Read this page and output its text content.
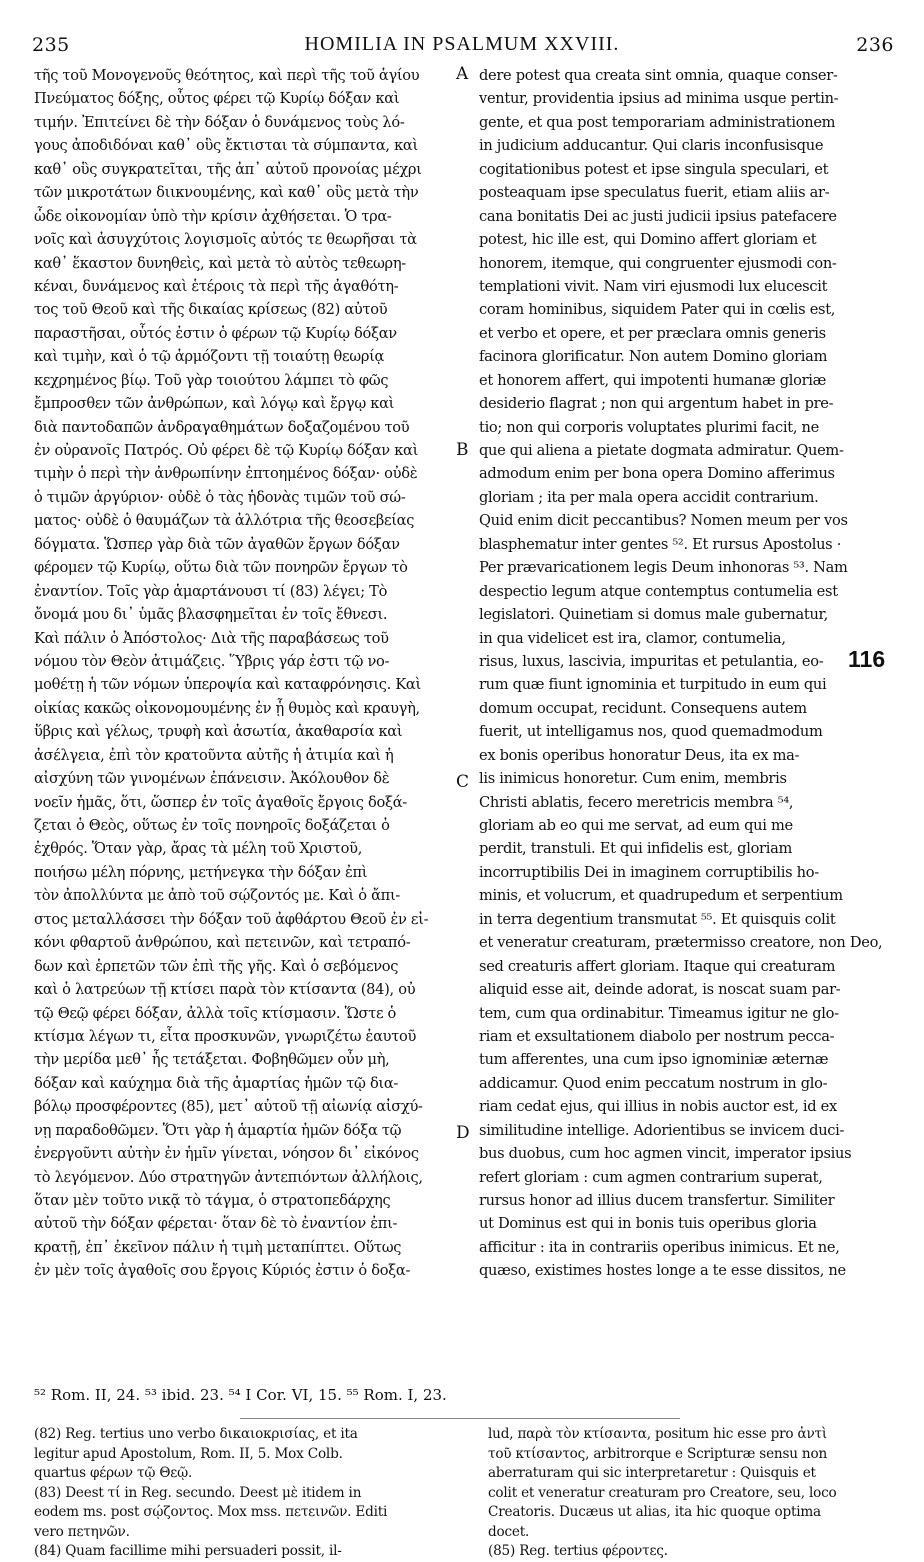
235	HOMILIA IN PSALMUM XXVIII.	236
τῆς τοῦ Μονογενοῦς θεότητος, καὶ περὶ τῆς τοῦ ἁγίου
Πνεύματος δόξης, οὗτος φέρει τῷ Κυρίῳ δόξαν καὶ
τιμήν. Ἐπιτείνει δὲ τὴν δόξαν ὁ δυνάμενος τοὺς λό-
γους ἀποδιδόναι καθ᾿ οὓς ἔκτισται τὰ σύμπαντα, καὶ
καθ᾿ οὓς συγκρατεῖται, τῆς ἀπ᾿ αὐτοῦ προνοίας μέχρι
τῶν μικροτάτων διικνουμένης, καὶ καθ᾿ οὓς μετὰ τὴν
ὧδε οἰκονομίαν ὑπὸ τὴν κρίσιν ἀχθήσεται. Ὁ τρα-
νοῖς καὶ ἀσυγχύτοις λογισμοῖς αὐτός τε θεωρῆσαι τὰ
καθ᾿ ἕκαστον δυνηθεὶς, καὶ μετὰ τὸ αὐτὸς τεθεωρη-
κέναι, δυνάμενος καὶ ἑτέροις τὰ περὶ τῆς ἀγαθότη-
τος τοῦ Θεοῦ καὶ τῆς δικαίας κρίσεως (82) αὐτοῦ
παραστῆσαι, οὗτός ἐστιν ὁ φέρων τῷ Κυρίῳ δόξαν
καὶ τιμὴν, καὶ ὁ τῷ ἁρμόζοντι τῇ τοιαύτῃ θεωρίᾳ
κεχρημένος βίῳ. Τοῦ γὰρ τοιούτου λάμπει τὸ φῶς
ἔμπροσθεν τῶν ἀνθρώπων, καὶ λόγῳ καὶ ἔργῳ καὶ
διὰ παντοδαπῶν ἀνδραγαθημάτων δοξαζομένου τοῦ
ἐν οὐρανοῖς Πατρός. Οὐ φέρει δὲ τῷ Κυρίῳ δόξαν καὶ
τιμὴν ὁ περὶ τὴν ἀνθρωπίνην ἐπτοημένος δόξαν· οὐδὲ
ὁ τιμῶν ἀργύριον· οὐδὲ ὁ τὰς ἡδονὰς τιμῶν τοῦ σώ-
ματος· οὐδὲ ὁ θαυμάζων τὰ ἀλλότρια τῆς θεοσεβείας
δόγματα. Ὥσπερ γὰρ διὰ τῶν ἀγαθῶν ἔργων δόξαν
φέρομεν τῷ Κυρίῳ, οὕτω διὰ τῶν πονηρῶν ἔργων τὸ
ἐναντίον. Τοῖς γὰρ ἁμαρτάνουσι τί (83) λέγει; Τὸ
ὄνομά μου δι᾿ ὑμᾶς βλασφημεῖται ἐν τοῖς ἔθνεσι.
Καὶ πάλιν ὁ Ἀπόστολος· Διὰ τῆς παραβάσεως τοῦ
νόμου τὸν Θεὸν ἀτιμάζεις. Ὕβρις γάρ ἐστι τῷ νο-
μοθέτῃ ἡ τῶν νόμων ὑπεροψία καὶ καταφρόνησις. Καὶ
οἰκίας κακῶς οἰκονομουμένης ἐν ᾗ θυμὸς καὶ κραυγὴ,
ὕβρις καὶ γέλως, τρυφὴ καὶ ἀσωτία, ἀκαθαρσία καὶ
ἀσέλγεια, ἐπὶ τὸν κρατοῦντα αὐτῆς ἡ ἀτιμία καὶ ἡ
αἰσχύνη τῶν γινομένων ἐπάνεισιν. Ἀκόλουθον δὲ
νοεῖν ἡμᾶς, ὅτι, ὥσπερ ἐν τοῖς ἀγαθοῖς ἔργοις δοξά-
ζεται ὁ Θεὸς, οὕτως ἐν τοῖς πονηροῖς δοξάζεται ὁ
ἐχθρός. Ὅταν γὰρ, ἄρας τὰ μέλη τοῦ Χριστοῦ,
ποιήσω μέλη πόρνης, μετήνεγκα τὴν δόξαν ἐπὶ
τὸν ἀπολλύντα με ἀπὸ τοῦ σῴζοντός με. Καὶ ὁ ἄπι-
στος μεταλλάσσει τὴν δόξαν τοῦ ἀφθάρτου Θεοῦ ἐν εἰ-
κόνι φθαρτοῦ ἀνθρώπου, καὶ πετεινῶν, καὶ τετραπό-
δων καὶ ἑρπετῶν τῶν ἐπὶ τῆς γῆς. Καὶ ὁ σεβόμενος
καὶ ὁ λατρεύων τῇ κτίσει παρὰ τὸν κτίσαντα (84), οὐ
τῷ Θεῷ φέρει δόξαν, ἀλλὰ τοῖς κτίσμασιν. Ὥστε ὁ
κτίσμα λέγων τι, εἶτα προσκυνῶν, γνωριζέτω ἑαυτοῦ
τὴν μερίδα μεθ᾿ ἧς τετάξεται. Φοβηθῶμεν οὖν μὴ,
δόξαν καὶ καύχημα διὰ τῆς ἁμαρτίας ἡμῶν τῷ δια-
βόλῳ προσφέροντες (85), μετ᾿ αὐτοῦ τῇ αἰωνίᾳ αἰσχύ-
νῃ παραδοθῶμεν. Ὅτι γὰρ ἡ ἁμαρτία ἡμῶν δόξα τῷ
ἐνεργοῦντι αὐτὴν ἐν ἡμῖν γίνεται, νόησον δι᾿ εἰκόνος
τὸ λεγόμενον. Δύο στρατηγῶν ἀντεπιόντων ἀλλήλοις,
ὅταν μὲν τοῦτο νικᾷ τὸ τάγμα, ὁ στρατοπεδάρχης
αὐτοῦ τὴν δόξαν φέρεται· ὅταν δὲ τὸ ἐναντίον ἐπι-
κρατῇ, ἐπ᾿ ἐκεῖνον πάλιν ἡ τιμὴ μεταπίπτει. Οὕτως
ἐν μὲν τοῖς ἀγαθοῖς σου ἔργοις Κύριός ἐστιν ὁ δοξα-
dere potest qua creata sint omnia, quaque conser-
ventur, providentia ipsius ad minima usque pertin-
gente, et qua post temporariam administrationem
in judicium adducantur. Qui claris inconfusisque
cogitationibus potest et ipse singula speculari, et
posteaquam ipse speculatus fuerit, etiam aliis ar-
cana bonitatis Dei ac justi judicii ipsius patefacere
potest, hic ille est, qui Domino affert gloriam et
honorem, itemque, qui congruenter ejusmodi con-
templationi vivit. Nam viri ejusmodi lux elucescit
coram hominibus, siquidem Pater qui in cœlis est,
et verbo et opere, et per præclara omnis generis
facinora glorificatur. Non autem Domino gloriam
et honorem affert, qui impotenti humanæ gloriæ
desiderio flagrat ; non qui argentum habet in pre-
tio; non qui corporis voluptates plurimi facit, ne
que qui aliena a pietate dogmata admiratur. Quem-
admodum enim per bona opera Domino afferimus
gloriam ; ita per mala opera accidit contrarium.
Quid enim dicit peccantibus? Nomen meum per vos
blasphematur inter gentes ⁵². Et rursus Apostolus ·
Per prævaricationem legis Deum inhonoras ⁵³. Nam
despectio legum atque contemptus contumelia est
legislatori. Quinetiam si domus male gubernatur,
in qua videlicet est ira, clamor, contumelia,
risus, luxus, lascivia, impuritas et petulantia, eo-
rum quæ fiunt ignominia et turpitudo in eum qui
domum occupat, recidunt. Consequens autem
fuerit, ut intelligamus nos, quod quemadmodum
ex bonis operibus honoratur Deus, ita ex ma-
lis inimicus honoretur. Cum enim, membris
Christi ablatis, fecero meretricis membra ⁵⁴,
gloriam ab eo qui me servat, ad eum qui me
perdit, transtuli. Et qui infidelis est, gloriam
incorruptibilis Dei in imaginem corruptibilis ho-
minis, et volucrum, et quadrupedum et serpentium
in terra degentium transmutat ⁵⁵. Et quisquis colit
et veneratur creaturam, prætermisso creatore, non Deo,
sed creaturis affert gloriam. Itaque qui creaturam
aliquid esse ait, deinde adorat, is noscat suam par-
tem, cum qua ordinabitur. Timeamus igitur ne glo-
riam et exsultationem diabolo per nostrum pecca-
tum afferentes, una cum ipso ignominiæ æternæ
addicamur. Quod enim peccatum nostrum in glo-
riam cedat ejus, qui illius in nobis auctor est, id ex
similitudine intellige. Adorientibus se invicem duci-
bus duobus, cum hoc agmen vincit, imperator ipsius
refert gloriam : cum agmen contrarium superat,
rursus honor ad illius ducem transfertur. Similiter
ut Dominus est qui in bonis tuis operibus gloria
afficitur : ita in contrariis operibus inimicus. Et ne,
quæso, existimes hostes longe a te esse dissitos, ne
A
B
C
D
116
⁵² Rom. II, 24. ⁵³ ibid. 23. ⁵⁴ I Cor. VI, 15. ⁵⁵ Rom. I, 23.
(82) Reg. tertius uno verbo δικαιοκρισίας, et ita
legitur apud Apostolum, Rom. II, 5. Mox Colb.
quartus φέρων τῷ Θεῷ.
(83) Deest τί in Reg. secundo. Deest μὲ itidem in
eodem ms. post σῴζοντος. Mox mss. πετεινῶν. Editi
vero πετηνῶν.
(84) Quam facillime mihi persuaderi possit, il-
lud, παρὰ τὸν κτίσαντα, positum hic esse pro ἀντὶ
τοῦ κτίσαντος, arbitrorque e Scripturæ sensu non
aberraturam qui sic interpretaretur : Quisquis et
colit et veneratur creaturam pro Creatore, seu, loco
Creatoris. Ducæus ut alias, ita hic quoque optima
docet.
(85) Reg. tertius φέροντες.
